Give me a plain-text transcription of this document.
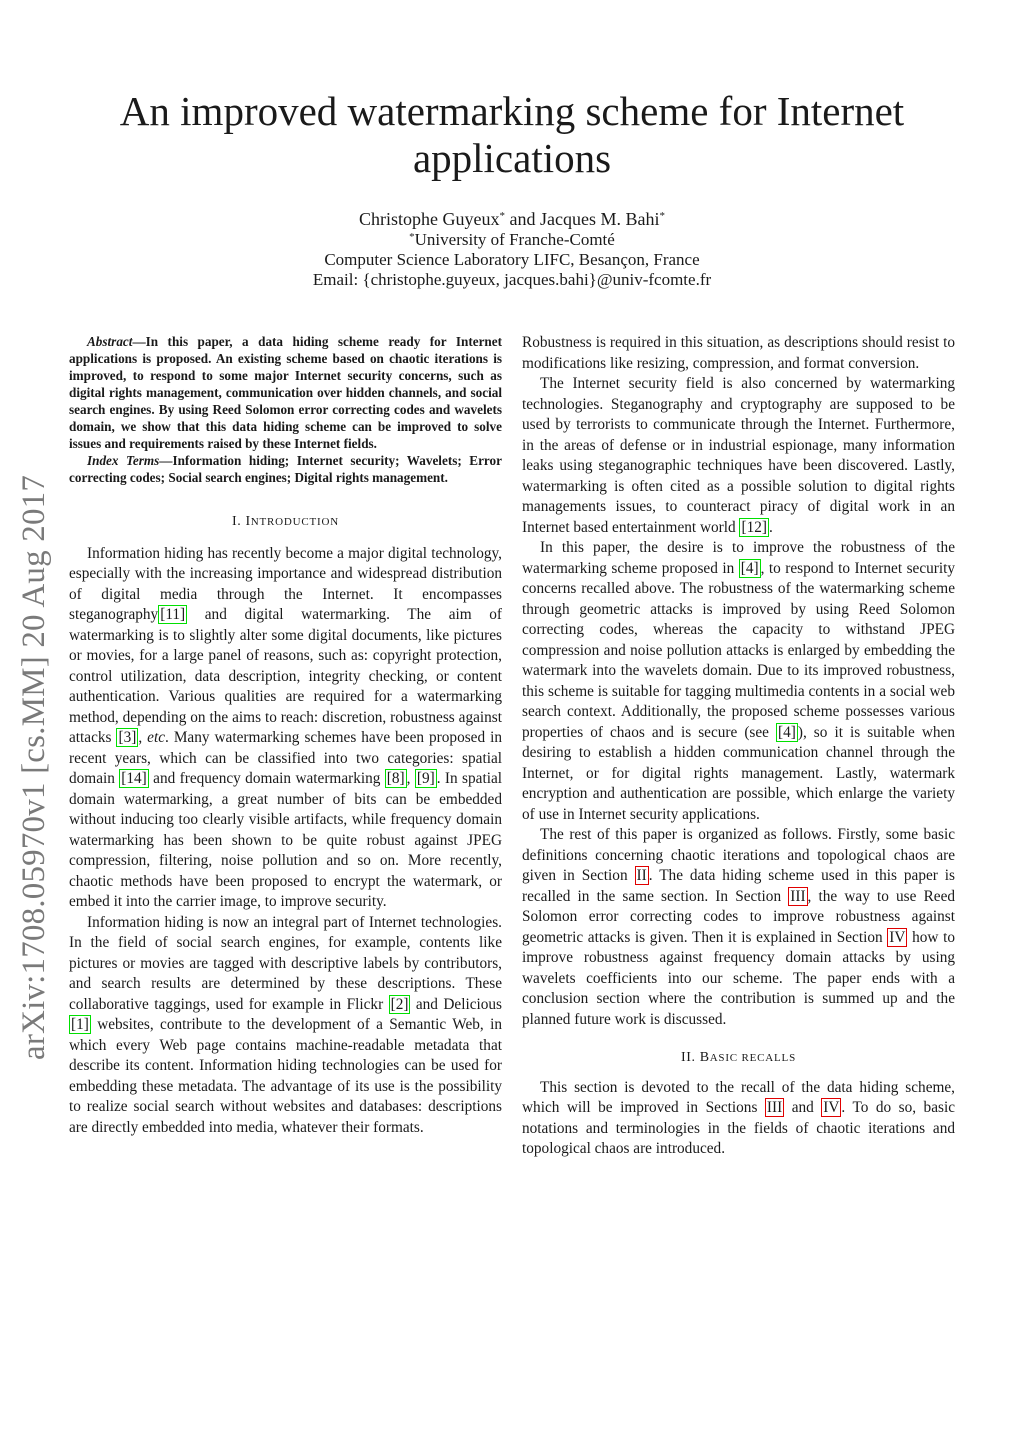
arXiv:1708.05970v1 [cs.MM] 20 Aug 2017
An improved watermarking scheme for Internet applications
Christophe Guyeux* and Jacques M. Bahi*
*University of Franche-Comté
Computer Science Laboratory LIFC, Besançon, France
Email: {christophe.guyeux, jacques.bahi}@univ-fcomte.fr

Abstract—In this paper, a data hiding scheme ready for Internet applications is proposed. An existing scheme based on chaotic iterations is improved, to respond to some major Internet security concerns, such as digital rights management, communication over hidden channels, and social search engines. By using Reed Solomon error correcting codes and wavelets domain, we show that this data hiding scheme can be improved to solve issues and requirements raised by these Internet fields.

Index Terms—Information hiding; Internet security; Wavelets; Error correcting codes; Social search engines; Digital rights management.

I. INTRODUCTION

Information hiding has recently become a major digital technology, especially with the increasing importance and widespread distribution of digital media through the Internet. It encompasses steganography [11] and digital watermarking. The aim of watermarking is to slightly alter some digital documents, like pictures or movies, for a large panel of reasons, such as: copyright protection, control utilization, data description, integrity checking, or content authentication. Various qualities are required for a watermarking method, depending on the aims to reach: discretion, robustness against attacks [3] , etc. Many watermarking schemes have been proposed in recent years, which can be classified into two categories: spatial domain [14] and frequency domain watermarking [8] , [9] . In spatial domain watermarking, a great number of bits can be embedded without inducing too clearly visible artifacts, while frequency domain watermarking has been shown to be quite robust against JPEG compression, filtering, noise pollution and so on. More recently, chaotic methods have been proposed to encrypt the watermark, or embed it into the carrier image, to improve security.

Information hiding is now an integral part of Internet technologies. In the field of social search engines, for example, contents like pictures or movies are tagged with descriptive labels by contributors, and search results are determined by these descriptions. These collaborative taggings, used for example in Flickr [2] and Delicious [1] websites, contribute to the development of a Semantic Web, in which every Web page contains machine-readable metadata that describe its content. Information hiding technologies can be used for embedding these metadata. The advantage of its use is the possibility to realize social search without websites and databases: descriptions are directly embedded into media, whatever their formats.

Robustness is required in this situation, as descriptions should resist to modifications like resizing, compression, and format conversion.

The Internet security field is also concerned by watermarking technologies. Steganography and cryptography are supposed to be used by terrorists to communicate through the Internet. Furthermore, in the areas of defense or in industrial espionage, many information leaks using steganographic techniques have been discovered. Lastly, watermarking is often cited as a possible solution to digital rights managements issues, to counteract piracy of digital work in an Internet based entertainment world [12] .

In this paper, the desire is to improve the robustness of the watermarking scheme proposed in [4] , to respond to Internet security concerns recalled above. The robustness of the watermarking scheme through geometric attacks is improved by using Reed Solomon correcting codes, whereas the capacity to withstand JPEG compression and noise pollution attacks is enlarged by embedding the watermark into the wavelets domain. Due to its improved robustness, this scheme is suitable for tagging multimedia contents in a social web search context. Additionally, the proposed scheme possesses various properties of chaos and is secure (see [4] ), so it is suitable when desiring to establish a hidden communication channel through the Internet, or for digital rights management. Lastly, watermark encryption and authentication are possible, which enlarge the variety of use in Internet security applications.

The rest of this paper is organized as follows. Firstly, some basic definitions concerning chaotic iterations and topological chaos are given in Section II . The data hiding scheme used in this paper is recalled in the same section. In Section III , the way to use Reed Solomon error correcting codes to improve robustness against geometric attacks is given. Then it is explained in Section IV how to improve robustness against frequency domain attacks by using wavelets coefficients into our scheme. The paper ends with a conclusion section where the contribution is summed up and the planned future work is discussed.

II. BASIC RECALLS

This section is devoted to the recall of the data hiding scheme, which will be improved in Sections III and IV . To do so, basic notations and terminologies in the fields of chaotic iterations and topological chaos are introduced.
